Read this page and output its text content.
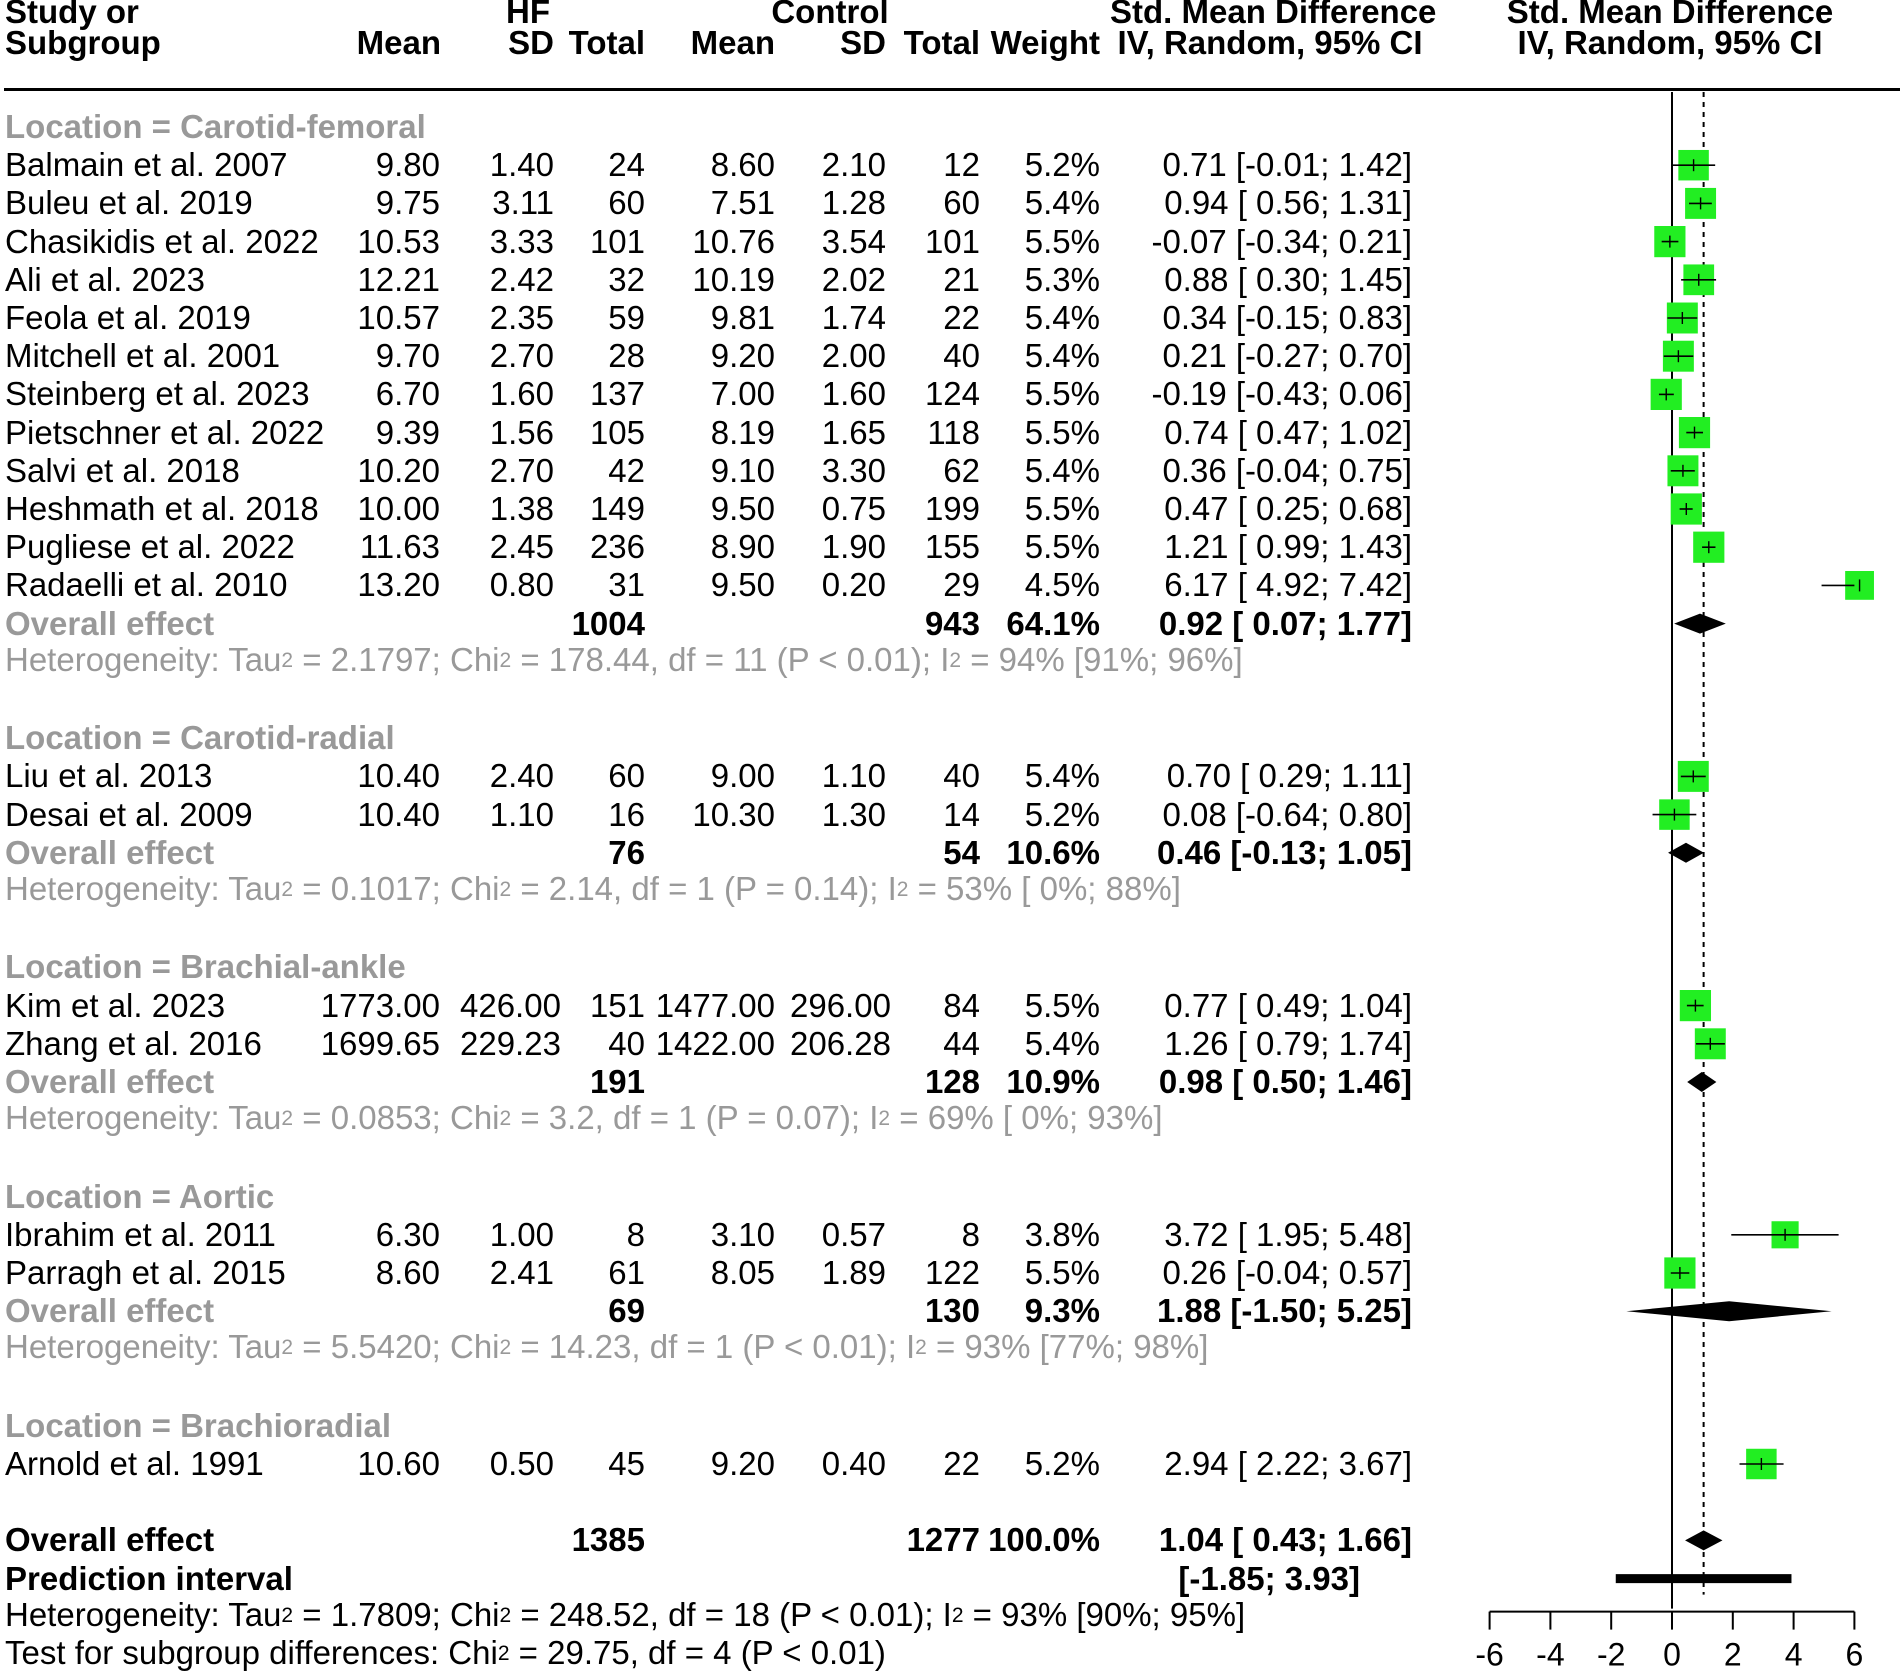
Study or
Subgroup
HF	Control
Mean	SD Total	Mean	SD Total Weight
Std. Mean Difference
IV, Random, 95% CI
Std. Mean Difference
IV, Random, 95% CI
-6 -4 -2 0 2 4 6
Location = Carotid-femoral
Balmain et al. 2007	9.80	1.40	24	8.60	2.10	12	5.2%	0.71 [-0.01; 1.42]
Buleu et al. 2019	9.75	3.11	60	7.51	1.28	60	5.4%	0.94 [ 0.56; 1.31]
Chasikidis et al. 2022	10.53	3.33	101	10.76	3.54	101	5.5%	-0.07 [-0.34; 0.21]
Ali et al. 2023	12.21	2.42	32	10.19	2.02	21	5.3%	0.88 [ 0.30; 1.45]
Feola et al. 2019	10.57	2.35	59	9.81	1.74	22	5.4%	0.34 [-0.15; 0.83]
Mitchell et al. 2001	9.70	2.70	28	9.20	2.00	40	5.4%	0.21 [-0.27; 0.70]
Steinberg et al. 2023	6.70	1.60	137	7.00	1.60	124	5.5%	-0.19 [-0.43; 0.06]
Pietschner et al. 2022	9.39	1.56	105	8.19	1.65	118	5.5%	0.74 [ 0.47; 1.02]
Salvi et al. 2018	10.20	2.70	42	9.10	3.30	62	5.4%	0.36 [-0.04; 0.75]
Heshmath et al. 2018	10.00	1.38	149	9.50	0.75	199	5.5%	0.47 [ 0.25; 0.68]
Pugliese et al. 2022	11.63	2.45	236	8.90	1.90	155	5.5%	1.21 [ 0.99; 1.43]
Radaelli et al. 2010	13.20	0.80	31	9.50	0.20	29	4.5%	6.17 [ 4.92; 7.42]
Overall effect	1004	943 64.1%	0.92 [ 0.07; 1.77]
Heterogeneity: Tau$^2$ = 2.1797; Chi$^2$ = 178.44, df = 11 (P < 0.01); $I^2 = 94\%$ [91%; 96%]
Location = Carotid-radial
Liu et al. 2013	10.40	2.40	60	9.00	1.10	40	5.4%	0.70 [ 0.29; 1.11]
Desai et al. 2009	10.40	1.10	16	10.30	1.30	14	5.2%	0.08 [-0.64; 0.80]
Overall effect	76	54 10.6%	0.46 [-0.13; 1.05]
Heterogeneity: Tau$^2$ = 0.1017; Chi$^2$ = 2.14, df = 1 (P = 0.14); $I^2 = 53\%$ [ 0%; 88%]
Location = Brachial-ankle
Kim et al. 2023	1773.00 426.00 151 1477.00 296.00	84	5.5%	0.77 [ 0.49; 1.04]
Zhang et al. 2016	1699.65 229.23	40 1422.00 206.28	44	5.4%	1.26 [ 0.79; 1.74]
Overall effect	191	128 10.9%	0.98 [ 0.50; 1.46]
Heterogeneity: Tau$^2$ = 0.0853; Chi$^2$ = 3.2, df = 1 (P = 0.07); $I^2 = 69\%$ [ 0%; 93%]
Location = Aortic
Ibrahim et al. 2011	6.30	1.00	8	3.10	0.57	8	3.8%	3.72 [ 1.95; 5.48]
Parragh et al. 2015	8.60	2.41	61	8.05	1.89	122	5.5%	0.26 [-0.04; 0.57]
Overall effect	69	130	9.3%	1.88 [-1.50; 5.25]
Heterogeneity: Tau$^2$ = 5.5420; Chi$^2$ = 14.23, df = 1 (P < 0.01); $I^2 = 93\%$ [77%; 98%]
Location = Brachioradial
Arnold et al. 1991	10.60	0.50	45	9.20	0.40	22	5.2%	2.94 [ 2.22; 3.67]
Overall effect	1385	1277 100.0%	1.04 [ 0.43; 1.66]
Prediction interval	[-1.85; 3.93]
Heterogeneity: Tau$^2$ = 1.7809; Chi$^2$ = 248.52, df = 18 (P < 0.01); $I^2 = 93\%$ [90%; 95%]
Test for subgroup differences: Chi$^2$ = 29.75, df = 4 (P < 0.01)
